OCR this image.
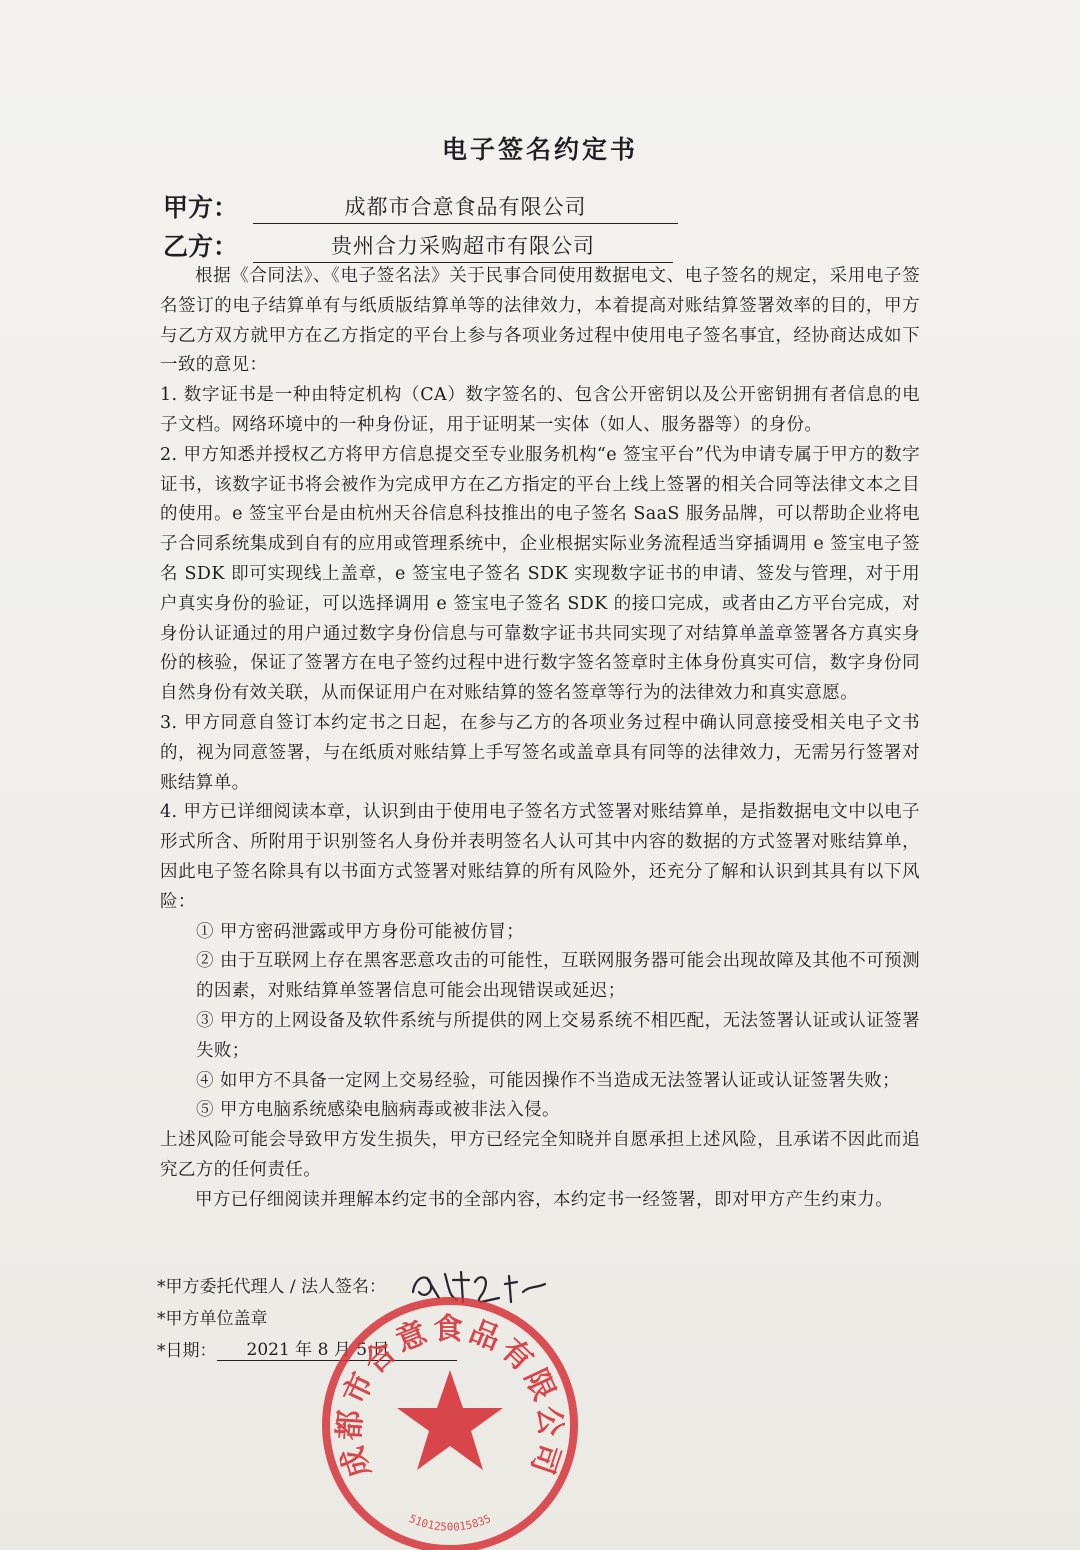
电子签名约定书
甲方：	成都市合意食品有限公司
乙方：	贵州合力采购超市有限公司

根据《合同法》、《电子签名法》关于民事合同使用数据电文、电子签名的规定，采用电子签名签订的电子结算单有与纸质版结算单等的法律效力，本着提高对账结算签署效率的目的，甲方与乙方双方就甲方在乙方指定的平台上参与各项业务过程中使用电子签名事宜，经协商达成如下一致的意见：

1. 数字证书是一种由特定机构（CA）数字签名的、包含公开密钥以及公开密钥拥有者信息的电子文档。网络环境中的一种身份证，用于证明某一实体（如人、服务器等）的身份。

2. 甲方知悉并授权乙方将甲方信息提交至专业服务机构“e 签宝平台”代为申请专属于甲方的数字证书，该数字证书将会被作为完成甲方在乙方指定的平台上线上签署的相关合同等法律文本之目的使用。e 签宝平台是由杭州天谷信息科技推出的电子签名 SaaS 服务品牌，可以帮助企业将电子合同系统集成到自有的应用或管理系统中，企业根据实际业务流程适当穿插调用 e 签宝电子签名 SDK 即可实现线上盖章，e 签宝电子签名 SDK 实现数字证书的申请、签发与管理，对于用户真实身份的验证，可以选择调用 e 签宝电子签名 SDK 的接口完成，或者由乙方平台完成，对身份认证通过的用户通过数字身份信息与可靠数字证书共同实现了对结算单盖章签署各方真实身份的核验，保证了签署方在电子签约过程中进行数字签名签章时主体身份真实可信，数字身份同自然身份有效关联，从而保证用户在对账结算的签名签章等行为的法律效力和真实意愿。

3. 甲方同意自签订本约定书之日起，在参与乙方的各项业务过程中确认同意接受相关电子文书的，视为同意签署，与在纸质对账结算上手写签名或盖章具有同等的法律效力，无需另行签署对账结算单。

4. 甲方已详细阅读本章，认识到由于使用电子签名方式签署对账结算单，是指数据电文中以电子形式所含、所附用于识别签名人身份并表明签名人认可其中内容的数据的方式签署对账结算单，因此电子签名除具有以书面方式签署对账结算的所有风险外，还充分了解和认识到其具有以下风险：

① 甲方密码泄露或甲方身份可能被仿冒；

② 由于互联网上存在黑客恶意攻击的可能性，互联网服务器可能会出现故障及其他不可预测的因素，对账结算单签署信息可能会出现错误或延迟；

③ 甲方的上网设备及软件系统与所提供的网上交易系统不相匹配，无法签署认证或认证签署失败；

④ 如甲方不具备一定网上交易经验，可能因操作不当造成无法签署认证或认证签署失败；

⑤ 甲方电脑系统感染电脑病毒或被非法入侵。

上述风险可能会导致甲方发生损失，甲方已经完全知晓并自愿承担上述风险，且承诺不因此而追究乙方的任何责任。

甲方已仔细阅读并理解本约定书的全部内容，本约定书一经签署，即对甲方产生约束力。

*甲方委托代理人 / 法人签名：
*甲方单位盖章
*日期：	2021 年 8 月 5 日
成都市合意食品有限公司
5101250015835
